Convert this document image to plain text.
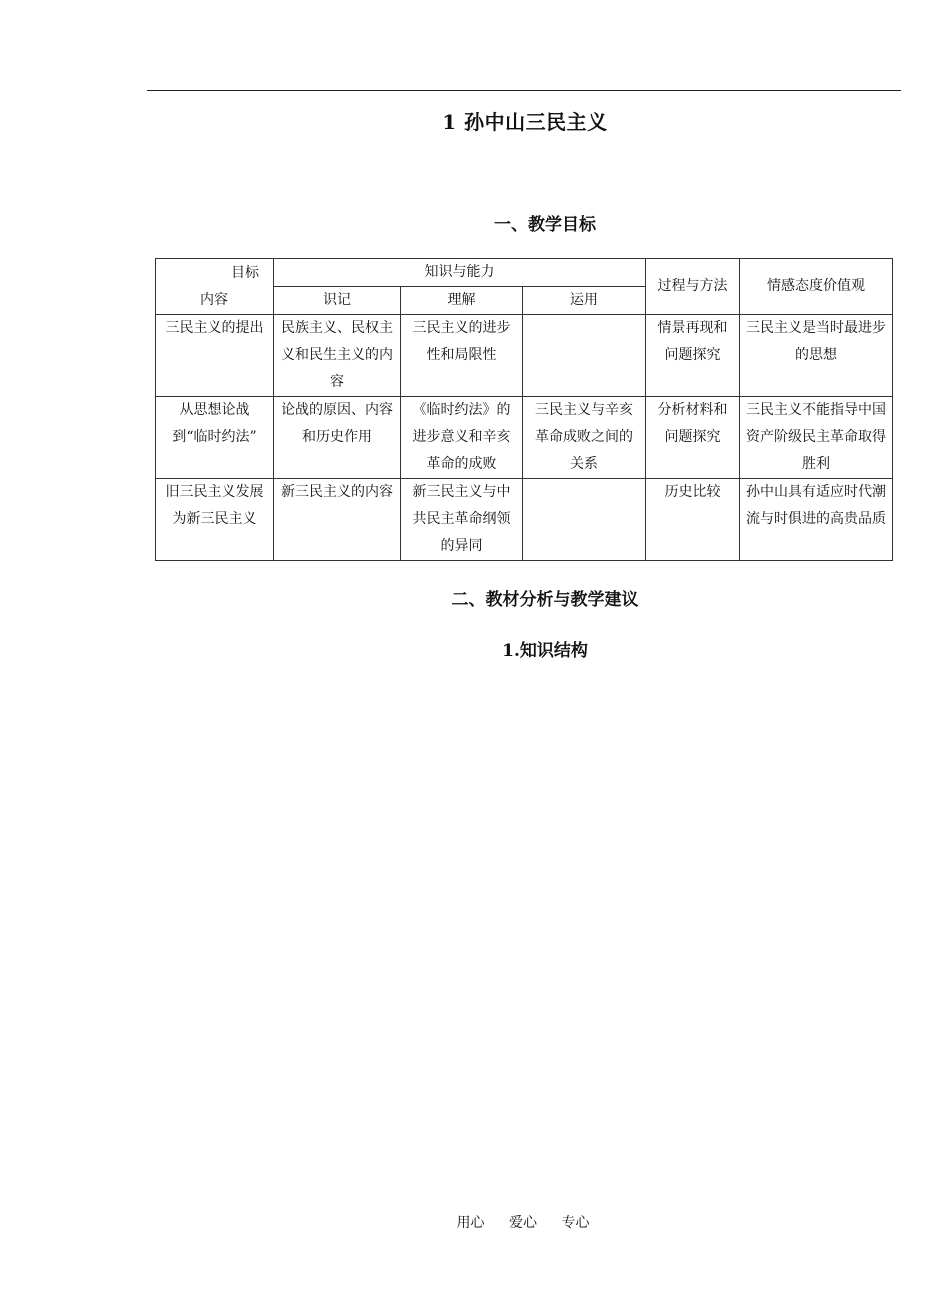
1 孙中山三民主义
一、教学目标
目标
内容	知识与能力			过程与方法	情感态度价值观
	识记	理解	运用		
三民主义的提出	民族主义、民权主义和民生主义的内容	三民主义的进步性和局限性		情景再现和问题探究	三民主义是当时最进步的思想
从思想论战到“临时约法”	论战的原因、内容和历史作用	《临时约法》的进步意义和辛亥革命的成败	三民主义与辛亥革命成败之间的关系	分析材料和问题探究	三民主义不能指导中国资产阶级民主革命取得胜利
旧三民主义发展为新三民主义	新三民主义的内容	新三民主义与中共民主革命纲领的异同		历史比较	孙中山具有适应时代潮流与时俱进的高贵品质
二、教材分析与教学建议
1.知识结构
用心 爱心 专心
